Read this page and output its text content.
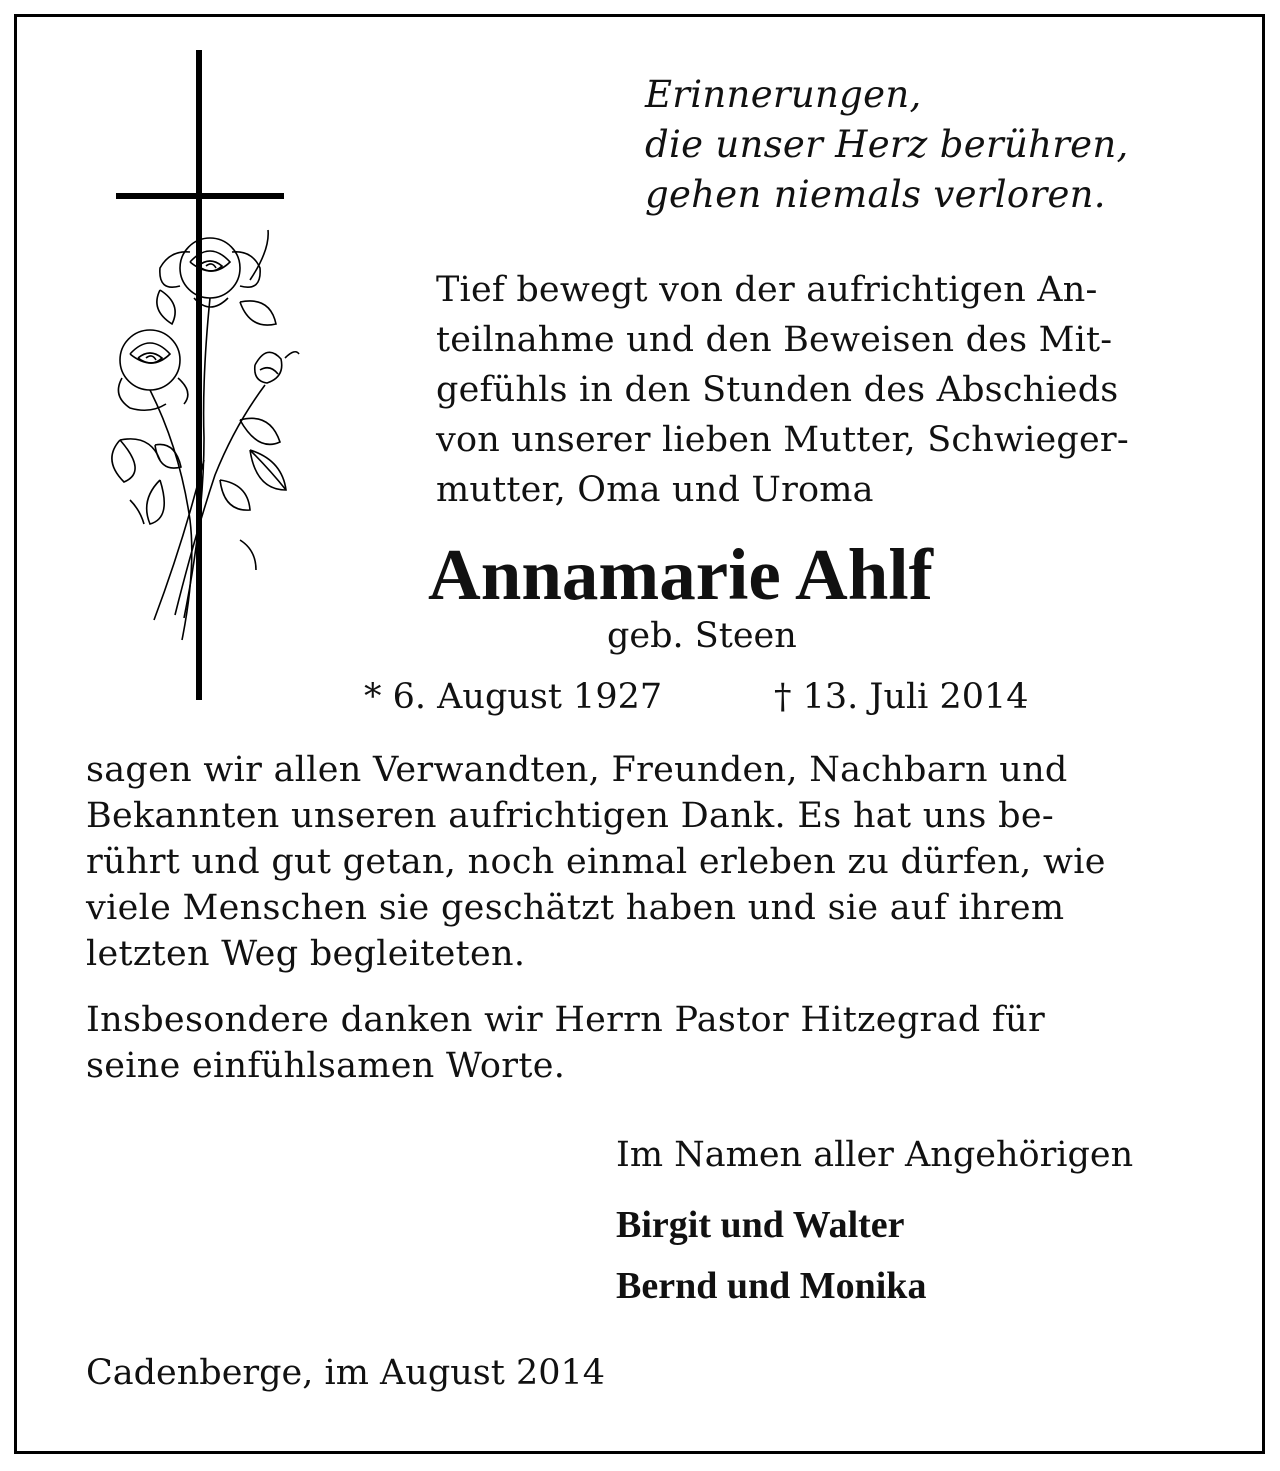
Erinnerungen,
die unser Herz berühren,
gehen niemals verloren.
Tief bewegt von der aufrichtigen An-
teilnahme und den Beweisen des Mit-
gefühls in den Stunden des Abschieds
von unserer lieben Mutter, Schwieger-
mutter, Oma und Uroma
Annamarie Ahlf
geb. Steen
* 6. August 1927	† 13. Juli 2014
sagen wir allen Verwandten, Freunden, Nachbarn und
Bekannten unseren aufrichtigen Dank. Es hat uns be-
rührt und gut getan, noch einmal erleben zu dürfen, wie
viele Menschen sie geschätzt haben und sie auf ihrem
letzten Weg begleiteten.
Insbesondere danken wir Herrn Pastor Hitzegrad für
seine einfühlsamen Worte.
Im Namen aller Angehörigen
Birgit und Walter
Bernd und Monika
Cadenberge, im August 2014
